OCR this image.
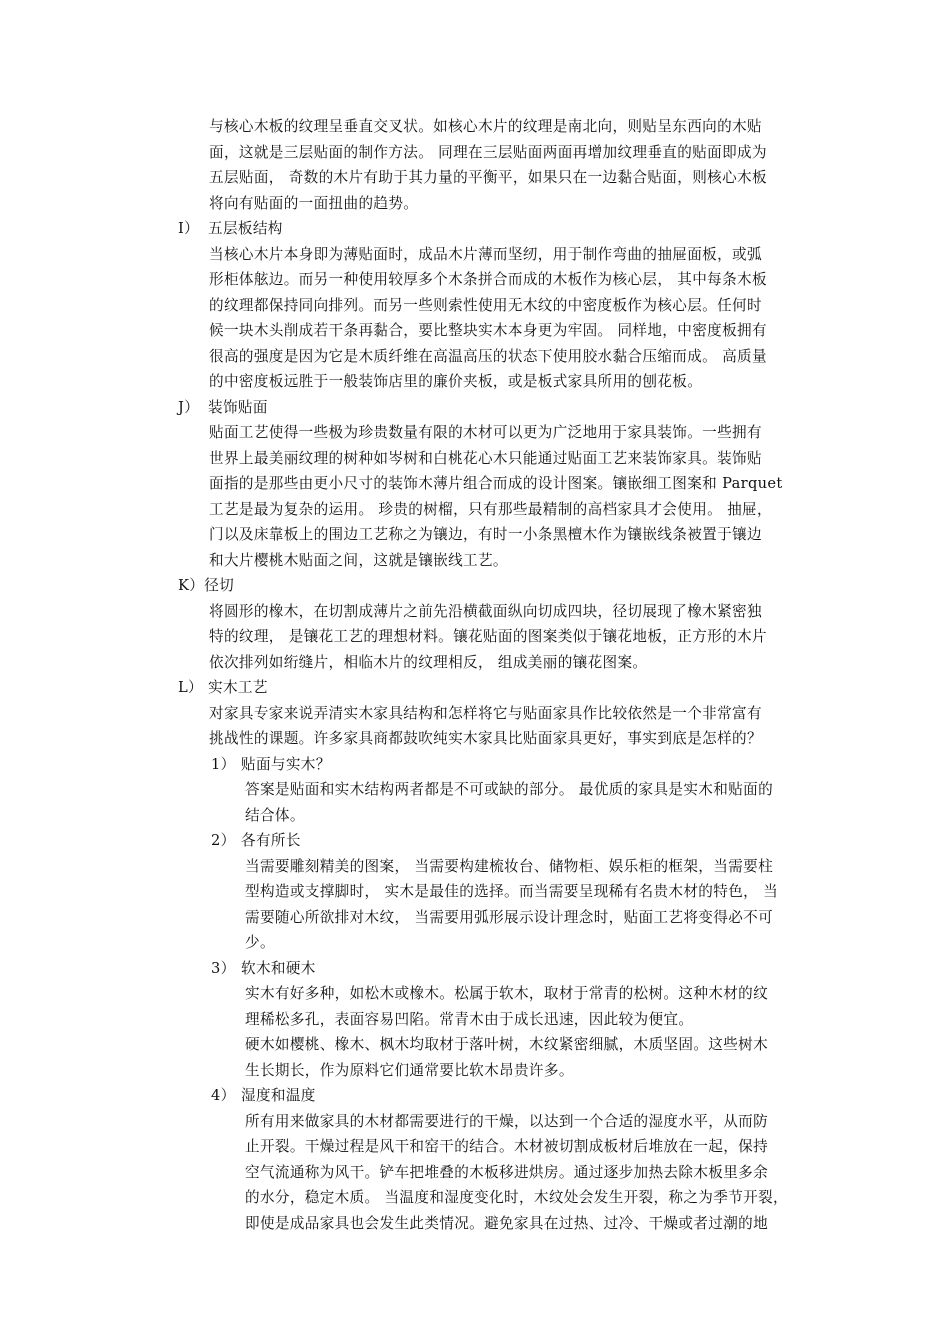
与核心木板的纹理呈垂直交叉状。如核心木片的纹理是南北向，则贴呈东西向的木贴
面，这就是三层贴面的制作方法。 同理在三层贴面两面再增加纹理垂直的贴面即成为
五层贴面， 奇数的木片有助于其力量的平衡平，如果只在一边黏合贴面，则核心木板
将向有贴面的一面扭曲的趋势。
I） 五层板结构
当核心木片本身即为薄贴面时，成品木片薄而坚纫，用于制作弯曲的抽屉面板，或弧
形柜体舷边。而另一种使用较厚多个木条拼合而成的木板作为核心层， 其中每条木板
的纹理都保持同向排列。而另一些则索性使用无木纹的中密度板作为核心层。任何时
候一块木头削成若干条再黏合，要比整块实木本身更为牢固。 同样地，中密度板拥有
很高的强度是因为它是木质纤维在高温高压的状态下使用胶水黏合压缩而成。 高质量
的中密度板远胜于一般装饰店里的廉价夹板，或是板式家具所用的刨花板。
J） 装饰贴面
贴面工艺使得一些极为珍贵数量有限的木材可以更为广泛地用于家具装饰。一些拥有
世界上最美丽纹理的树种如岑树和白桃花心木只能通过贴面工艺来装饰家具。装饰贴
面指的是那些由更小尺寸的装饰木薄片组合而成的设计图案。镶嵌细工图案和 Parquet
工艺是最为复杂的运用。 珍贵的树榴，只有那些最精制的高档家具才会使用。 抽屉，
门以及床靠板上的围边工艺称之为镶边，有时一小条黑檀木作为镶嵌线条被置于镶边
和大片樱桃木贴面之间，这就是镶嵌线工艺。
K）径切
将圆形的橡木，在切割成薄片之前先沿横截面纵向切成四块，径切展现了橡木紧密独
特的纹理， 是镶花工艺的理想材料。镶花贴面的图案类似于镶花地板，正方形的木片
依次排列如绗缝片，相临木片的纹理相反， 组成美丽的镶花图案。
L） 实木工艺
对家具专家来说弄清实木家具结构和怎样将它与贴面家具作比较依然是一个非常富有
挑战性的课题。许多家具商都鼓吹纯实木家具比贴面家具更好，事实到底是怎样的？
1） 贴面与实木？
答案是贴面和实木结构两者都是不可或缺的部分。 最优质的家具是实木和贴面的
结合体。
2） 各有所长
当需要雕刻精美的图案， 当需要构建梳妆台、储物柜、娱乐柜的框架，当需要柱
型构造或支撑脚时， 实木是最佳的选择。而当需要呈现稀有名贵木材的特色， 当
需要随心所欲排对木纹， 当需要用弧形展示设计理念时，贴面工艺将变得必不可
少。
3） 软木和硬木
实木有好多种，如松木或橡木。松属于软木，取材于常青的松树。这种木材的纹
理稀松多孔，表面容易凹陷。常青木由于成长迅速，因此较为便宜。
硬木如樱桃、橡木、枫木均取材于落叶树，木纹紧密细腻，木质坚固。这些树木
生长期长，作为原料它们通常要比软木昂贵许多。
4） 湿度和温度
所有用来做家具的木材都需要进行的干燥，以达到一个合适的湿度水平，从而防
止开裂。干燥过程是风干和窑干的结合。木材被切割成板材后堆放在一起，保持
空气流通称为风干。铲车把堆叠的木板移进烘房。通过逐步加热去除木板里多余
的水分，稳定木质。 当温度和湿度变化时，木纹处会发生开裂，称之为季节开裂，
即使是成品家具也会发生此类情况。避免家具在过热、过冷、干燥或者过潮的地
